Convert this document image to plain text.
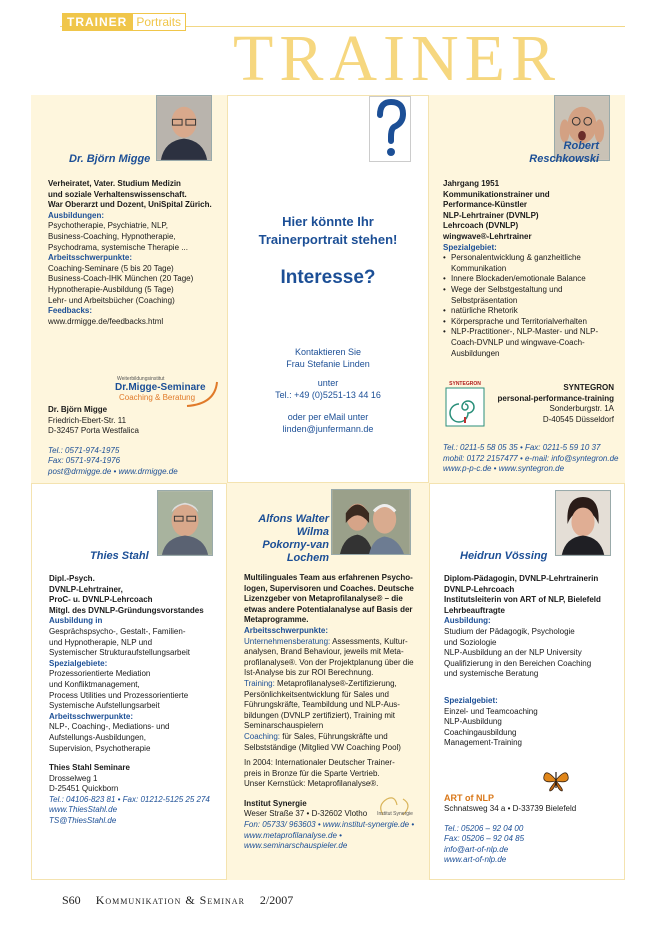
TRAINER Portraits TRAINER
Dr. Björn Migge

Verheiratet, Vater. Studium Medizin

und soziale Verhaltenswissenschaft.

War Oberarzt und Dozent, UniSpital Zürich.

Ausbildungen:

Psychotherapie, Psychiatrie, NLP,

Business-Coaching, Hypnotherapie,

Psychodrama, systemische Therapie ...

Arbeitsschwerpunkte:

Coaching-Seminare (5 bis 20 Tage)

Business-Coach-IHK München (20 Tage)

Hypnotherapie-Ausbildung (5 Tage)

Lehr- und Arbeitsbücher (Coaching)

Feedbacks:

www.drmigge.de/feedbacks.html

Weiterbildungsinstitut
Dr.Migge-Seminare
Coaching & Beratung

Dr. Björn Migge

Friedrich-Ebert-Str. 11

D-32457 Porta Westfalica

Tel.: 0571-974-1975

Fax: 0571-974-1976

post@drmigge.de • www.drmigge.de

Hier könnte Ihr
Trainerportrait stehen!
Interesse?
Kontaktieren Sie
Frau Stefanie Linden
unter
Tel.: +49 (0)5251-13 44 16
oder per eMail unter
linden@junfermann.de
Robert
Reschkowski

Jahrgang 1951

Kommunikationstrainer und

Performance-Künstler

NLP-Lehrtrainer (DVNLP)

Lehrcoach (DVNLP)

wingwave®-Lehrtrainer

Spezialgebiet:

• Personalentwicklung & ganzheitliche Kommunikation
• Innere Blockaden/emotionale Balance
• Wege der Selbstgestaltung und Selbstpräsentation
• natürliche Rhetorik
• Körpersprache und Territorialverhalten
• NLP-Practitioner-, NLP-Master- und NLP-Coach-DVNLP und wingwave-Coach-Ausbildungen
SYNTEGRON	SYNTEGRON

personal-performance-training

Sonderburgstr. 1A

D-40545 Düsseldorf

Tel.: 0211-5 58 05 35 • Fax: 0211-5 59 10 37

mobil: 0172 2157477 • e-mail: info@syntegron.de

www.p-p-c.de • www.syntegron.de

Thies Stahl

Dipl.-Psych.

DVNLP-Lehrtrainer,

ProC- u. DVNLP-Lehrcoach

Mitgl. des DVNLP-Gründungsvorstandes

Ausbildung in

Gesprächspsycho-, Gestalt-, Familien-

und Hypnotherapie, NLP und

Systemischer Strukturaufstellungsarbeit

Spezialgebiete:

Prozessorientierte Mediation

und Konfliktmanagement,

Process Utilities und Prozessorientierte

Systemische Aufstellungsarbeit

Arbeitsschwerpunkte:

NLP-, Coaching-, Mediations- und

Aufstellungs-Ausbildungen,

Supervision, Psychotherapie

Thies Stahl Seminare

Drosselweg 1

D-25451 Quickborn

Tel.: 04106-823 81 • Fax: 01212-5125 25 274

www.ThiesStahl.de

TS@ThiesStahl.de

Alfons Walter
Wilma
Pokorny-van
Lochem

Multilinguales Team aus erfahrenen Psycho-

logen, Supervisoren und Coaches. Deutsche

Lizenzgeber von Metaprofilanalyse® – die

etwas andere Potentialanalyse auf Basis der

Metaprogramme.

Arbeitsschwerpunkte:

Unternehmensberatung: Assessments, Kultur-analysen, Brand Behaviour, jeweils mit Meta-profilanalyse®. Von der Projektplanung über die Ist-Analyse bis zur ROI Berechnung.

Training: Metaprofilanalyse®-Zertifizierung, Persönlichkeitsentwicklung für Sales und Führungskräfte, Teambildung und NLP-Aus-bildungen (DVNLP zertifiziert), Training mit Seminarschauspielern

Coaching: für Sales, Führungskräfte und Selbstständige (Mitglied VW Coaching Pool)

In 2004: Internationaler Deutscher Trainer-

preis in Bronze für die Sparte Vertrieb.

Unser Kernstück: Metaprofilanalyse®.

Institut Synergie

Weser Straße 37 • D-32602 Vlotho

Fon: 05733/ 963603 • www.institut-synergie.de •

www.metaprofilanalyse.de •

www.seminarschauspieler.de

Institut Synergie
Heidrun Vössing

Diplom-Pädagogin, DVNLP-Lehrtrainerin

DVNLP-Lehrcoach

Institutsleiterin von ART of NLP, Bielefeld

Lehrbeauftragte

Ausbildung:

Studium der Pädagogik, Psychologie

und Soziologie

NLP-Ausbildung an der NLP University

Qualifizierung in den Bereichen Coaching

und systemische Beratung

Spezialgebiet:

Einzel- und Teamcoaching

NLP-Ausbildung

Coachingausbildung

Management-Training

ART of NLP

Schnatsweg 34 a • D-33739 Bielefeld

Tel.: 05206 – 92 04 00

Fax: 05206 – 92 04 85

info@art-of-nlp.de

www.art-of-nlp.de

S60 Kommunikation & Seminar 2/2007
